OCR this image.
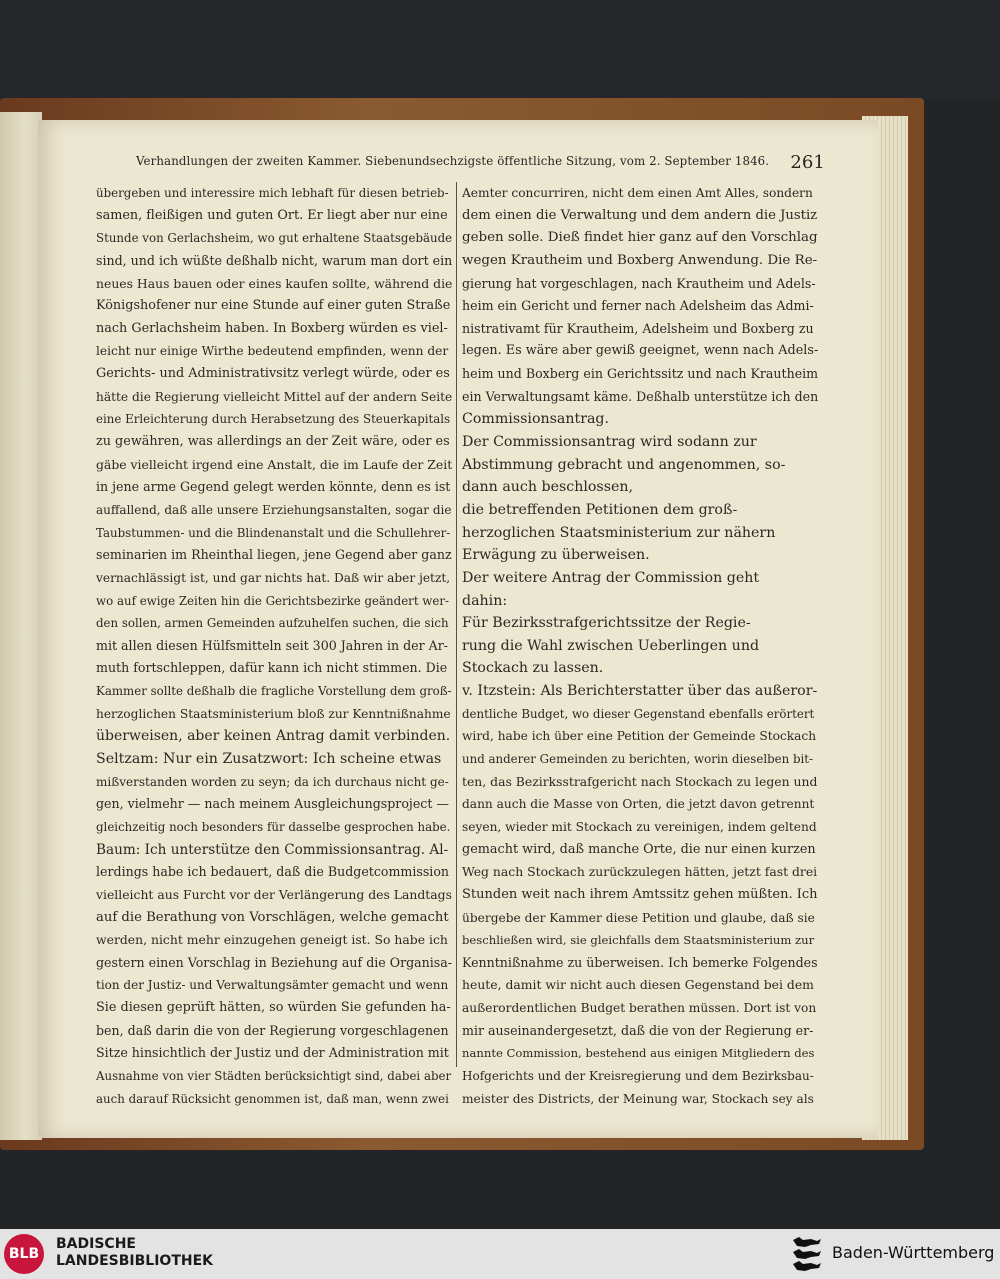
Verhandlungen der zweiten Kammer. Siebenundsechzigste öffentliche Sitzung, vom 2. September 1846. 261
übergeben und interessire mich lebhaft für diesen betrieb-
samen, fleißigen und guten Ort. Er liegt aber nur eine
Stunde von Gerlachsheim, wo gut erhaltene Staatsgebäude
sind, und ich wüßte deßhalb nicht, warum man dort ein
neues Haus bauen oder eines kaufen sollte, während die
Königshofener nur eine Stunde auf einer guten Straße
nach Gerlachsheim haben. In Boxberg würden es viel-
leicht nur einige Wirthe bedeutend empfinden, wenn der
Gerichts- und Administrativsitz verlegt würde, oder es
hätte die Regierung vielleicht Mittel auf der andern Seite
eine Erleichterung durch Herabsetzung des Steuerkapitals
zu gewähren, was allerdings an der Zeit wäre, oder es
gäbe vielleicht irgend eine Anstalt, die im Laufe der Zeit
in jene arme Gegend gelegt werden könnte, denn es ist
auffallend, daß alle unsere Erziehungsanstalten, sogar die
Taubstummen- und die Blindenanstalt und die Schullehrer-
seminarien im Rheinthal liegen, jene Gegend aber ganz
vernachlässigt ist, und gar nichts hat. Daß wir aber jetzt,
wo auf ewige Zeiten hin die Gerichtsbezirke geändert wer-
den sollen, armen Gemeinden aufzuhelfen suchen, die sich
mit allen diesen Hülfsmitteln seit 300 Jahren in der Ar-
muth fortschleppen, dafür kann ich nicht stimmen. Die
Kammer sollte deßhalb die fragliche Vorstellung dem groß-
herzoglichen Staatsministerium bloß zur Kenntnißnahme
überweisen, aber keinen Antrag damit verbinden.
Seltzam: Nur ein Zusatzwort: Ich scheine etwas
mißverstanden worden zu seyn; da ich durchaus nicht ge-
gen, vielmehr — nach meinem Ausgleichungsproject —
gleichzeitig noch besonders für dasselbe gesprochen habe.
Baum: Ich unterstütze den Commissionsantrag. Al-
lerdings habe ich bedauert, daß die Budgetcommission
vielleicht aus Furcht vor der Verlängerung des Landtags
auf die Berathung von Vorschlägen, welche gemacht
werden, nicht mehr einzugehen geneigt ist. So habe ich
gestern einen Vorschlag in Beziehung auf die Organisa-
tion der Justiz- und Verwaltungsämter gemacht und wenn
Sie diesen geprüft hätten, so würden Sie gefunden ha-
ben, daß darin die von der Regierung vorgeschlagenen
Sitze hinsichtlich der Justiz und der Administration mit
Ausnahme von vier Städten berücksichtigt sind, dabei aber
auch darauf Rücksicht genommen ist, daß man, wenn zwei
Aemter concurriren, nicht dem einen Amt Alles, sondern
dem einen die Verwaltung und dem andern die Justiz
geben solle. Dieß findet hier ganz auf den Vorschlag
wegen Krautheim und Boxberg Anwendung. Die Re-
gierung hat vorgeschlagen, nach Krautheim und Adels-
heim ein Gericht und ferner nach Adelsheim das Admi-
nistrativamt für Krautheim, Adelsheim und Boxberg zu
legen. Es wäre aber gewiß geeignet, wenn nach Adels-
heim und Boxberg ein Gerichtssitz und nach Krautheim
ein Verwaltungsamt käme. Deßhalb unterstütze ich den
Commissionsantrag.
Der Commissionsantrag wird sodann zur
Abstimmung gebracht und angenommen, so-
dann auch beschlossen,
die betreffenden Petitionen dem groß-
herzoglichen Staatsministerium zur nähern
Erwägung zu überweisen.
Der weitere Antrag der Commission geht
dahin:
Für Bezirksstrafgerichtssitze der Regie-
rung die Wahl zwischen Ueberlingen und
Stockach zu lassen.
v. Itzstein: Als Berichterstatter über das außeror-
dentliche Budget, wo dieser Gegenstand ebenfalls erörtert
wird, habe ich über eine Petition der Gemeinde Stockach
und anderer Gemeinden zu berichten, worin dieselben bit-
ten, das Bezirksstrafgericht nach Stockach zu legen und
dann auch die Masse von Orten, die jetzt davon getrennt
seyen, wieder mit Stockach zu vereinigen, indem geltend
gemacht wird, daß manche Orte, die nur einen kurzen
Weg nach Stockach zurückzulegen hätten, jetzt fast drei
Stunden weit nach ihrem Amtssitz gehen müßten. Ich
übergebe der Kammer diese Petition und glaube, daß sie
beschließen wird, sie gleichfalls dem Staatsministerium zur
Kenntnißnahme zu überweisen. Ich bemerke Folgendes
heute, damit wir nicht auch diesen Gegenstand bei dem
außerordentlichen Budget berathen müssen. Dort ist von
mir auseinandergesetzt, daß die von der Regierung er-
nannte Commission, bestehend aus einigen Mitgliedern des
Hofgerichts und der Kreisregierung und dem Bezirksbau-
meister des Districts, der Meinung war, Stockach sey als
BLB
BADISCHE
LANDESBIBLIOTHEK	Baden-Württemberg
